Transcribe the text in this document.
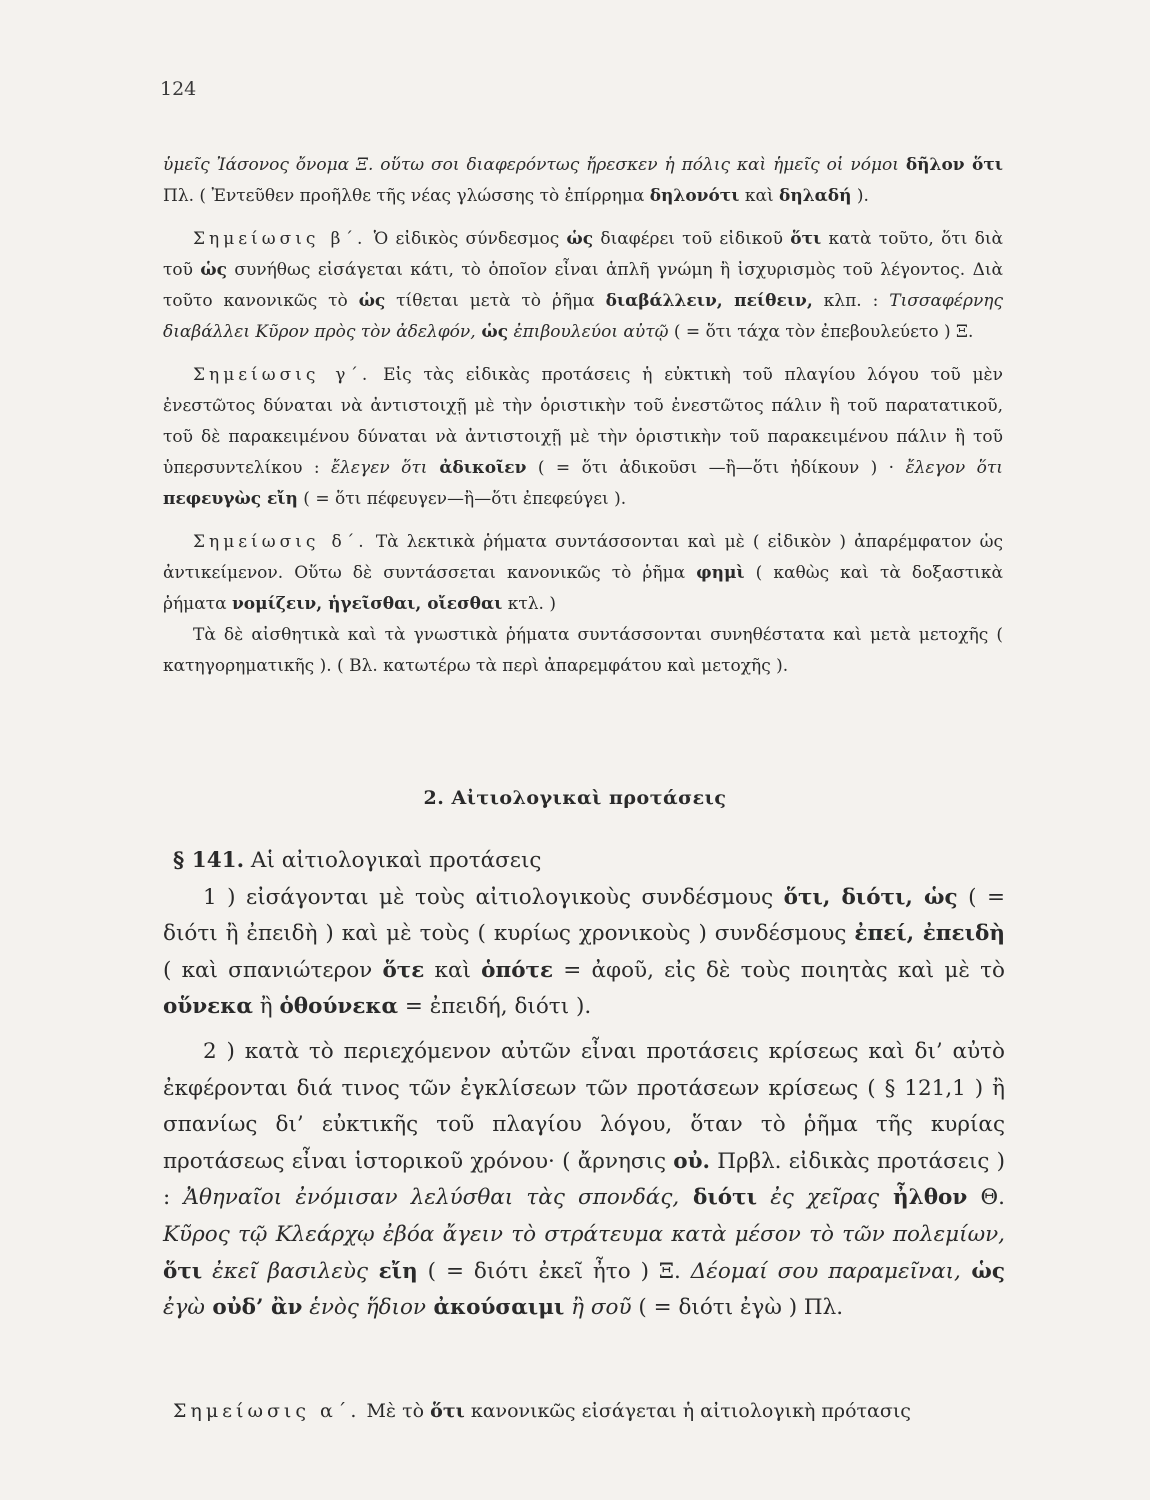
124

ὑμεῖς Ἰάσονος ὄνομα Ξ. οὕτω σοι διαφερόντως ἤρεσκεν ἡ πόλις καὶ ἡμεῖς οἱ νόμοι δῆλον ὅτι Πλ. ( Ἐντεῦθεν προῆλθε τῆς νέας γλώσσης τὸ ἐπίρρημα δηλονότι καὶ δηλαδή ).

Σημείωσις β΄. Ὁ εἰδικὸς σύνδεσμος ὡς διαφέρει τοῦ εἰδικοῦ ὅτι κατὰ τοῦτο, ὅτι διὰ τοῦ ὡς συνήθως εἰσάγεται κάτι, τὸ ὁποῖον εἶναι ἁπλῆ γνώμη ἢ ἰσχυρισμὸς τοῦ λέγοντος. Διὰ τοῦτο κανονικῶς τὸ ὡς τίθεται μετὰ τὸ ῥῆμα διαβάλλειν, πείθειν, κλπ. : Τισσαφέρνης διαβάλλει Κῦρον πρὸς τὸν ἀδελφόν, ὡς ἐπιβουλεύοι αὐτῷ ( = ὅτι τάχα τὸν ἐπεβουλεύετο ) Ξ.

Σημείωσις γ΄. Εἰς τὰς εἰδικὰς προτάσεις ἡ εὐκτικὴ τοῦ πλαγίου λόγου τοῦ μὲν ἐνεστῶτος δύναται νὰ ἀντιστοιχῇ μὲ τὴν ὁριστικὴν τοῦ ἐνεστῶτος πάλιν ἢ τοῦ παρατατικοῦ, τοῦ δὲ παρακειμένου δύναται νὰ ἀντιστοιχῇ μὲ τὴν ὁριστικὴν τοῦ παρακειμένου πάλιν ἢ τοῦ ὑπερσυντελίκου : ἔλεγεν ὅτι ἀδικοῖεν ( = ὅτι ἀδικοῦσι —ἢ—ὅτι ἠδίκουν ) · ἔλεγον ὅτι πεφευγὼς εἴη ( = ὅτι πέφευγεν—ἢ—ὅτι ἐπεφεύγει ).

Σημείωσις δ΄. Τὰ λεκτικὰ ῥήματα συντάσσονται καὶ μὲ ( εἰδικὸν ) ἀπαρέμφατον ὡς ἀντικείμενον. Οὕτω δὲ συντάσσεται κανονικῶς τὸ ῥῆμα φημὶ ( καθὼς καὶ τὰ δοξαστικὰ ῥήματα νομίζειν, ἡγεῖσθαι, οἴεσθαι κτλ. )

Τὰ δὲ αἰσθητικὰ καὶ τὰ γνωστικὰ ῥήματα συντάσσονται συνηθέστατα καὶ μετὰ μετοχῆς ( κατηγορηματικῆς ). ( Βλ. κατωτέρω τὰ περὶ ἀπαρεμφάτου καὶ μετοχῆς ).

2. Αἰτιολογικαὶ προτάσεις

§ 141. Αἱ αἰτιολογικαὶ προτάσεις

1 ) εἰσάγονται μὲ τοὺς αἰτιολογικοὺς συνδέσμους ὅτι, διότι, ὡς ( = διότι ἢ ἐπειδὴ ) καὶ μὲ τοὺς ( κυρίως χρονικοὺς ) συνδέσμους ἐπεί, ἐπειδὴ ( καὶ σπανιώτερον ὅτε καὶ ὁπότε = ἀφοῦ, εἰς δὲ τοὺς ποιητὰς καὶ μὲ τὸ οὕνεκα ἢ ὁθούνεκα = ἐπειδή, διότι ).

2 ) κατὰ τὸ περιεχόμενον αὐτῶν εἶναι προτάσεις κρίσεως καὶ δι’ αὐτὸ ἐκφέρονται διά τινος τῶν ἐγκλίσεων τῶν προτάσεων κρίσεως ( § 121,1 ) ἢ σπανίως δι’ εὐκτικῆς τοῦ πλαγίου λόγου, ὅταν τὸ ῥῆμα τῆς κυρίας προτάσεως εἶναι ἱστορικοῦ χρόνου· ( ἄρνησις οὐ. Πρβλ. εἰδικὰς προτάσεις ) : Ἀθηναῖοι ἐνόμισαν λελύσθαι τὰς σπονδάς, διότι ἐς χεῖρας ἦλθον Θ. Κῦρος τῷ Κλεάρχῳ ἐβόα ἄγειν τὸ στράτευμα κατὰ μέσον τὸ τῶν πολεμίων, ὅτι ἐκεῖ βασιλεὺς εἴη ( = διότι ἐκεῖ ἦτο ) Ξ. Δέομαί σου παραμεῖναι, ὡς ἐγὼ οὐδ’ ἂν ἑνὸς ἥδιον ἀκούσαιμι ἢ σοῦ ( = διότι ἐγὼ ) Πλ.

Σημείωσις α΄. Μὲ τὸ ὅτι κανονικῶς εἰσάγεται ἡ αἰτιολογικὴ πρότασις
